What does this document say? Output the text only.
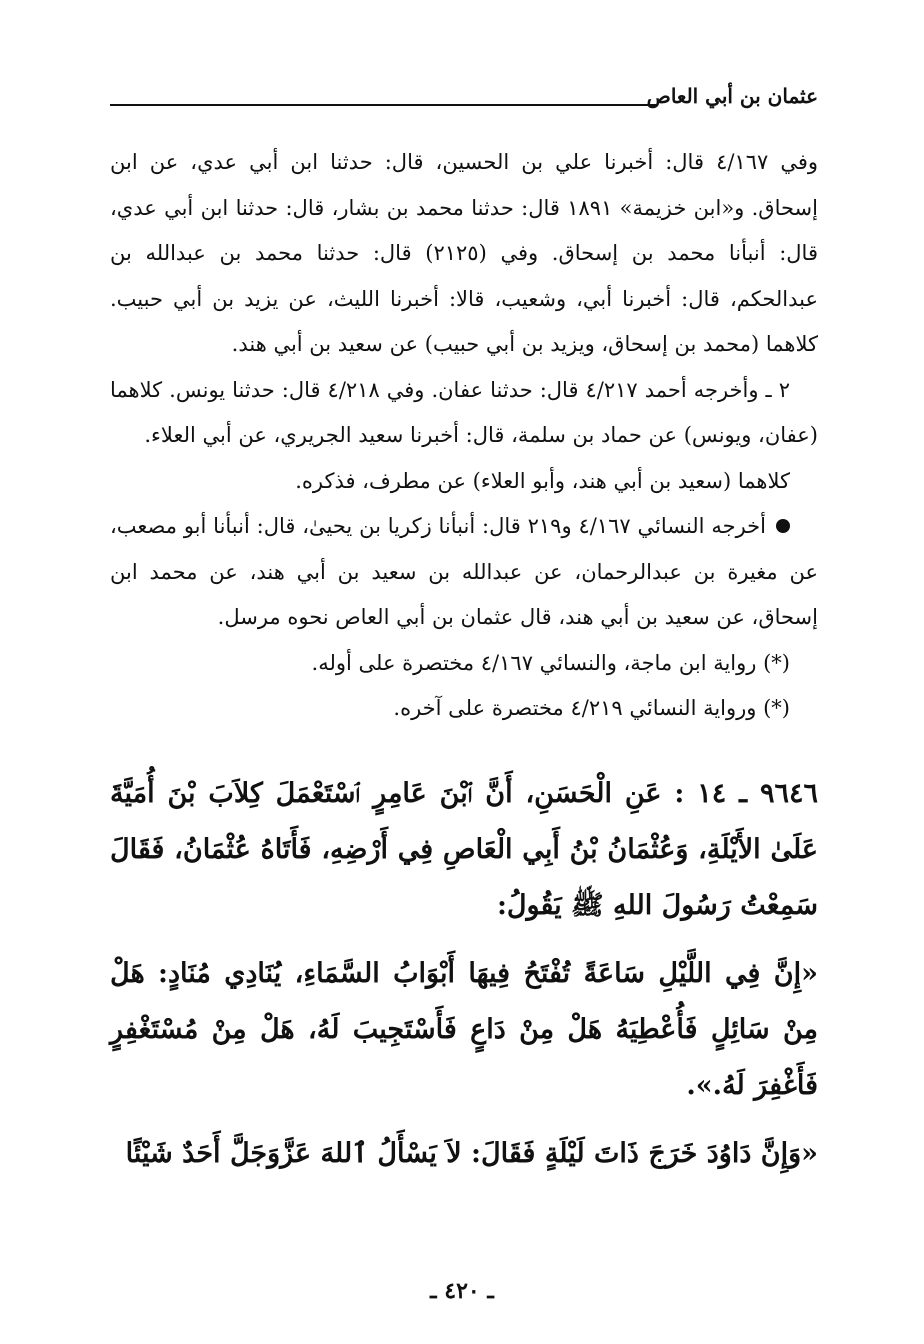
عثمان بن أبي العاص

وفي ٤/١٦٧ قال: أخبرنا علي بن الحسين، قال: حدثنا ابن أبي عدي، عن ابن إسحاق. و«ابن خزيمة» ١٨٩١ قال: حدثنا محمد بن بشار، قال: حدثنا ابن أبي عدي، قال: أنبأنا محمد بن إسحاق. وفي (٢١٢٥) قال: حدثنا محمد بن عبدالله بن عبدالحكم، قال: أخبرنا أبي، وشعيب، قالا: أخبرنا الليث، عن يزيد بن أبي حبيب. كلاهما (محمد بن إسحاق، ويزيد بن أبي حبيب) عن سعيد بن أبي هند.

٢ ـ وأخرجه أحمد ٤/٢١٧ قال: حدثنا عفان. وفي ٤/٢١٨ قال: حدثنا يونس. كلاهما (عفان، ويونس) عن حماد بن سلمة، قال: أخبرنا سعيد الجريري، عن أبي العلاء.

كلاهما (سعيد بن أبي هند، وأبو العلاء) عن مطرف، فذكره.

أخرجه النسائي ٤/١٦٧ و٢١٩ قال: أنبأنا زكريا بن يحيىٰ، قال: أنبأنا أبو مصعب، عن مغيرة بن عبدالرحمان، عن عبدالله بن سعيد بن أبي هند، عن محمد ابن إسحاق، عن سعيد بن أبي هند، قال عثمان بن أبي العاص نحوه مرسل.

(*) رواية ابن ماجة، والنسائي ٤/١٦٧ مختصرة على أوله.

(*) ورواية النسائي ٤/٢١٩ مختصرة على آخره.

٩٦٤٦ ـ ١٤ : عَنِ الْحَسَنِ، أَنَّ ٱبْنَ عَامِرٍ ٱسْتَعْمَلَ كِلاَبَ بْنَ أُمَيَّةَ عَلَىٰ الأَيْلَةِ، وَعُثْمَانُ بْنُ أَبِي الْعَاصِ فِي أَرْضِهِ، فَأَتَاهُ عُثْمَانُ، فَقَالَ سَمِعْتُ رَسُولَ اللهِ ﷺ يَقُولُ:

«إِنَّ فِي اللَّيْلِ سَاعَةً تُفْتَحُ فِيهَا أَبْوَابُ السَّمَاءِ، يُنَادِي مُنَادٍ: هَلْ مِنْ سَائِلٍ فَأُعْطِيَهُ هَلْ مِنْ دَاعٍ فَأَسْتَجِيبَ لَهُ، هَلْ مِنْ مُسْتَغْفِرٍ فَأَغْفِرَ لَهُ.».

«وَإِنَّ دَاوُدَ خَرَجَ ذَاتَ لَيْلَةٍ فَقَالَ: لاَ يَسْأَلُ ٱللهَ عَزَّوَجَلَّ أَحَدٌ شَيْئًا

ـ ٤٢٠ ـ
